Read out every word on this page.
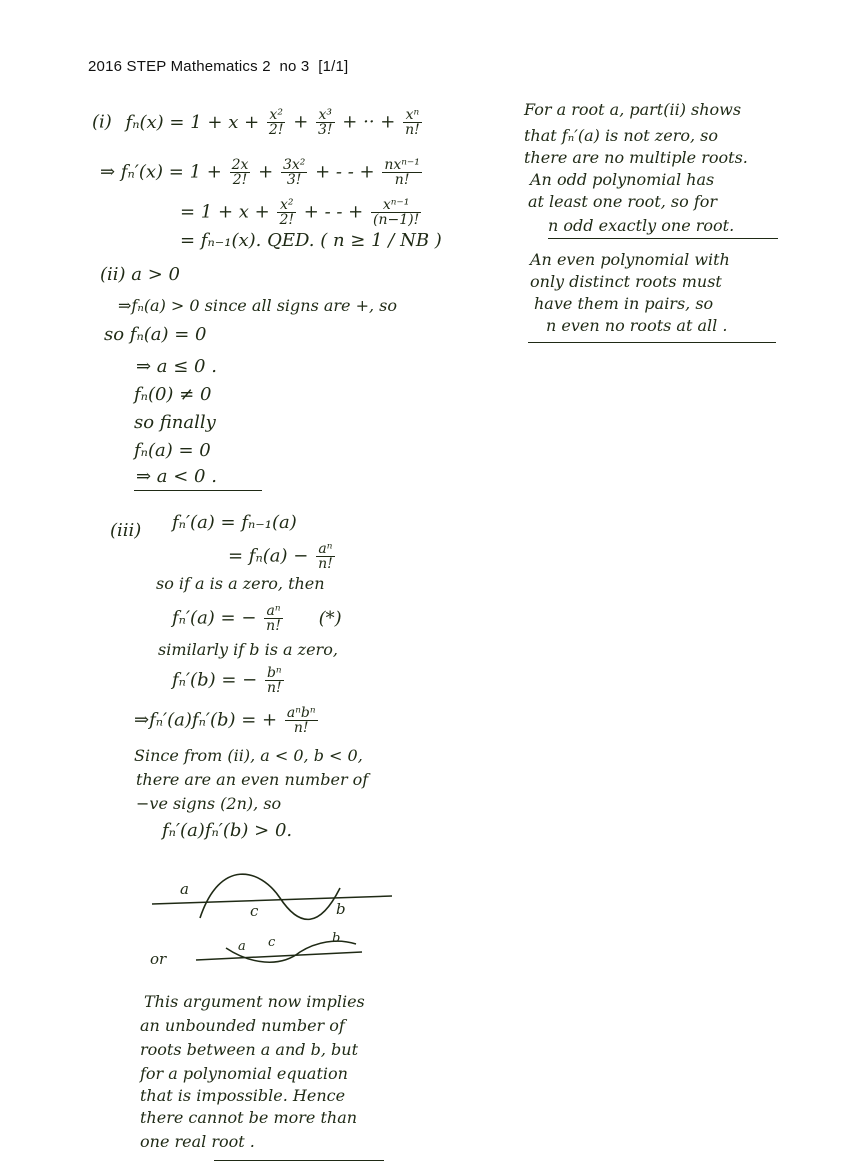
2016 STEP Mathematics 2  no 3  [1/1]
(i) $f_n(x) = 1 + x + \frac{\text{x²}}{2!} + \frac{\text{x³}}{3!}$ + ·· + $\frac{\text{xⁿ}}{n!}$
⇒ $f_n'(x) = 1 + \frac{2x}{2!} + \frac{\text{3x²}}{3!}$ + - - + $\frac{\text{nxⁿ⁻¹}}{n!}$
= $1 + x + \frac{\text{x²}}{2!}$ + - - + $\frac{\text{xⁿ⁻¹}}{(n-1)!}$
= fₙ₋₁(x). QED. ( n ≥ 1 / NB )
(ii) a > 0
⇒fₙ(a) > 0 since all signs are +, so
so fₙ(a) = 0
⇒ a ≤ 0 .
fₙ(0) ≠ 0
so finally
fₙ(a) = 0
⇒ a < 0 .
For a root a, part(ii) shows
that fₙ′(a) is not zero, so
there are no multiple roots.
An odd polynomial has
at least one root, so for
n odd exactly one root.
An even polynomial with
only distinct roots must
have them in pairs, so
n even no roots at all .
(iii) fₙ′(a) = fₙ₋₁(a)
= $f_n(a) - \frac{\text{aⁿ}}{n!}$
so if a is a zero, then
fₙ′(a) = − $\frac{\text{aⁿ}}{n!}$ (*)
similarly if b is a zero,
fₙ′(b) = − $\frac{\text{bⁿ}}{n!}$
⇒fₙ′(a)fₙ′(b) = + $\frac{\text{aⁿbⁿ}}{n!}$
Since from (ii), a < 0, b < 0,
there are an even number of
−ve signs (2n), so
fₙ′(a)fₙ′(b) > 0.
a
c	b
or
a c	b
This argument now implies
an unbounded number of
roots between a and b, but
for a polynomial equation
that is impossible. Hence
there cannot be more than
one real root .
